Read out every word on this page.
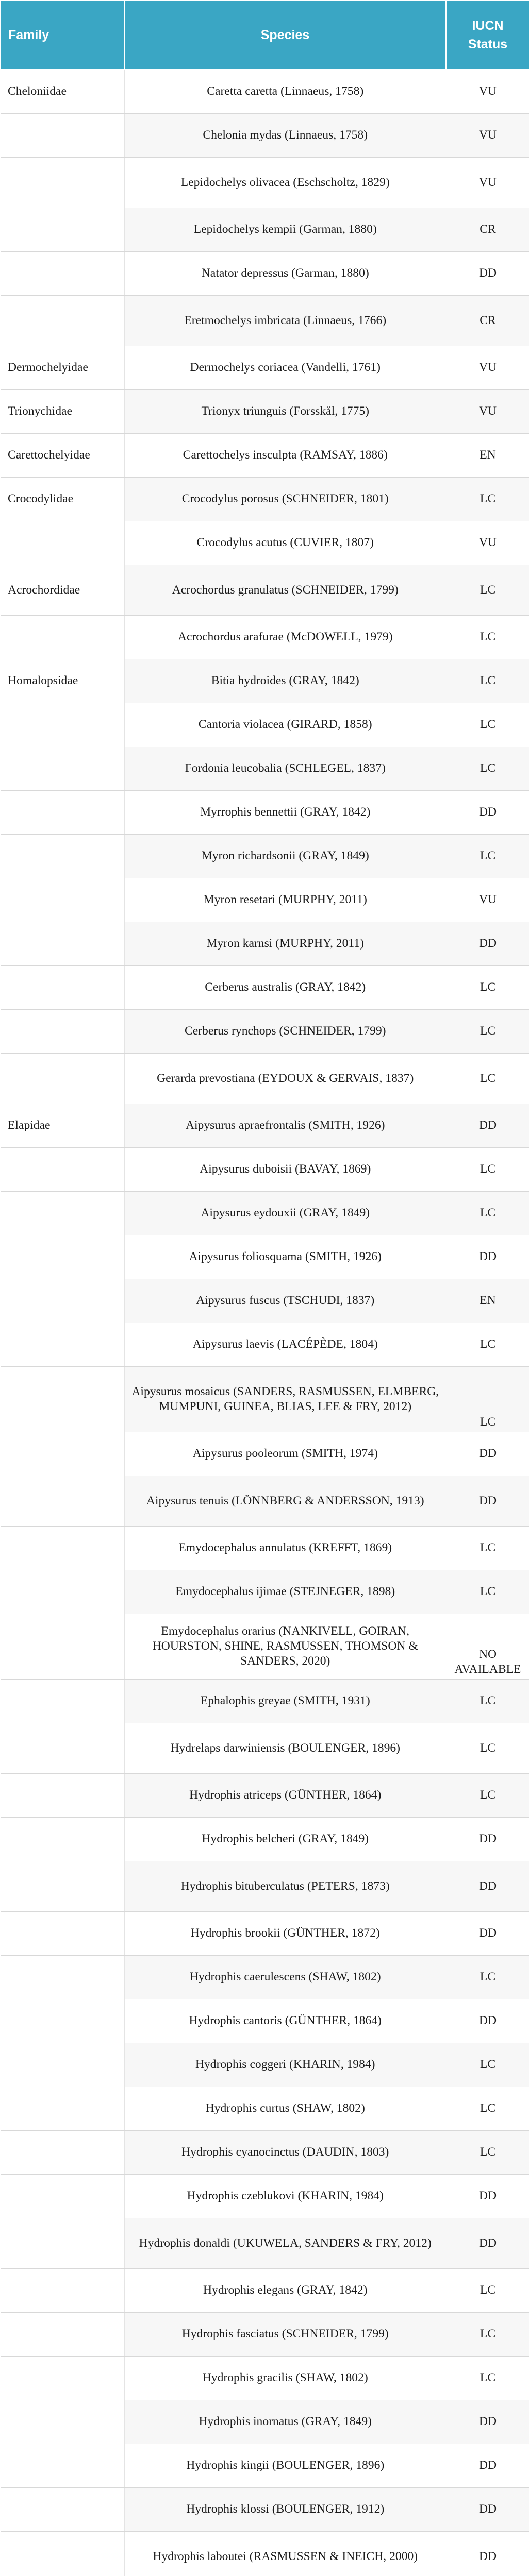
Family	Species	IUCN Status
Cheloniidae	Caretta caretta (Linnaeus, 1758)	VU
	Chelonia mydas (Linnaeus, 1758)	VU
	Lepidochelys olivacea (Eschscholtz, 1829)	VU
	Lepidochelys kempii (Garman, 1880)	CR
	Natator depressus (Garman, 1880)	DD
	Eretmochelys imbricata (Linnaeus, 1766)	CR
Dermochelyidae	Dermochelys coriacea (Vandelli, 1761)	VU
Trionychidae	Trionyx triunguis (Forsskål, 1775)	VU
Carettochelyidae	Carettochelys insculpta (RAMSAY, 1886)	EN
Crocodylidae	Crocodylus porosus (SCHNEIDER, 1801)	LC
	Crocodylus acutus (CUVIER, 1807)	VU
Acrochordidae	Acrochordus granulatus (SCHNEIDER, 1799)	LC
	Acrochordus arafurae (McDOWELL, 1979)	LC
Homalopsidae	Bitia hydroides (GRAY, 1842)	LC
	Cantoria violacea (GIRARD, 1858)	LC
	Fordonia leucobalia (SCHLEGEL, 1837)	LC
	Myrrophis bennettii (GRAY, 1842)	DD
	Myron richardsonii (GRAY, 1849)	LC
	Myron resetari (MURPHY, 2011)	VU
	Myron karnsi (MURPHY, 2011)	DD
	Cerberus australis (GRAY, 1842)	LC
	Cerberus rynchops (SCHNEIDER, 1799)	LC
	Gerarda prevostiana (EYDOUX & GERVAIS, 1837)	LC
Elapidae	Aipysurus apraefrontalis (SMITH, 1926)	DD
	Aipysurus duboisii (BAVAY, 1869)	LC
	Aipysurus eydouxii (GRAY, 1849)	LC
	Aipysurus foliosquama (SMITH, 1926)	DD
	Aipysurus fuscus (TSCHUDI, 1837)	EN
	Aipysurus laevis (LACÉPÈDE, 1804)	LC
	Aipysurus mosaicus (SANDERS, RASMUSSEN, ELMBERG, MUMPUNI, GUINEA, BLIAS, LEE & FRY, 2012)	LC
	Aipysurus pooleorum (SMITH, 1974)	DD
	Aipysurus tenuis (LÖNNBERG & ANDERSSON, 1913)	DD
	Emydocephalus annulatus (KREFFT, 1869)	LC
	Emydocephalus ijimae (STEJNEGER, 1898)	LC
	Emydocephalus orarius (NANKIVELL, GOIRAN, HOURSTON, SHINE, RASMUSSEN, THOMSON & SANDERS, 2020)	NO AVAILABLE
	Ephalophis greyae (SMITH, 1931)	LC
	Hydrelaps darwiniensis (BOULENGER, 1896)	LC
	Hydrophis atriceps (GÜNTHER, 1864)	LC
	Hydrophis belcheri (GRAY, 1849)	DD
	Hydrophis bituberculatus (PETERS, 1873)	DD
	Hydrophis brookii (GÜNTHER, 1872)	DD
	Hydrophis caerulescens (SHAW, 1802)	LC
	Hydrophis cantoris (GÜNTHER, 1864)	DD
	Hydrophis coggeri (KHARIN, 1984)	LC
	Hydrophis curtus (SHAW, 1802)	LC
	Hydrophis cyanocinctus (DAUDIN, 1803)	LC
	Hydrophis czeblukovi (KHARIN, 1984)	DD
	Hydrophis donaldi (UKUWELA, SANDERS & FRY, 2012)	DD
	Hydrophis elegans (GRAY, 1842)	LC
	Hydrophis fasciatus (SCHNEIDER, 1799)	LC
	Hydrophis gracilis (SHAW, 1802)	LC
	Hydrophis inornatus (GRAY, 1849)	DD
	Hydrophis kingii (BOULENGER, 1896)	DD
	Hydrophis klossi (BOULENGER, 1912)	DD
	Hydrophis laboutei (RASMUSSEN & INEICH, 2000)	DD
